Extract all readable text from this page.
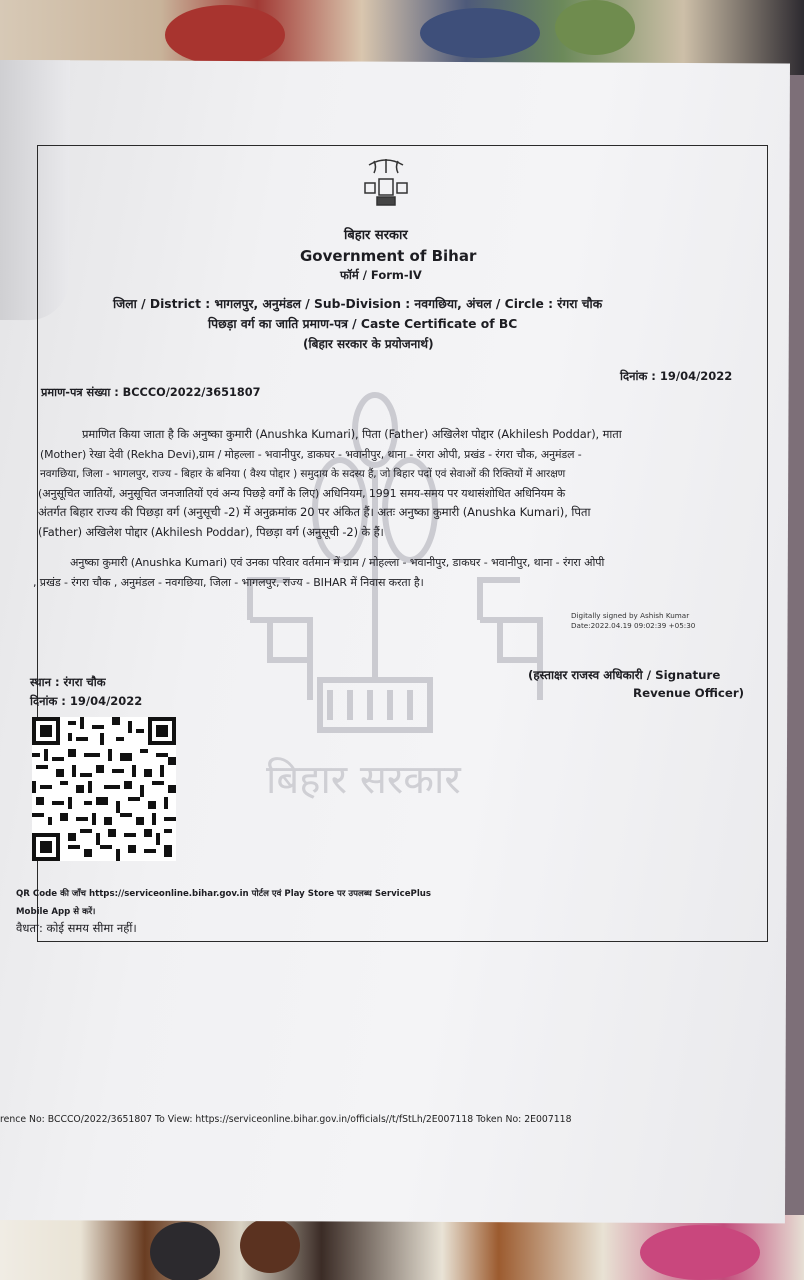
बिहार सरकार
बिहार सरकार
Government of Bihar
फॉर्म / Form-IV
जिला / District : भागलपुर, अनुमंडल / Sub-Division : नवगछिया, अंचल / Circle : रंगरा चौक
पिछड़ा वर्ग का जाति प्रमाण-पत्र / Caste Certificate of BC
(बिहार सरकार के प्रयोजनार्थ)
दिनांक : 19/04/2022
प्रमाण-पत्र संख्या : BCCCO/2022/3651807
प्रमाणित किया जाता है कि अनुष्का कुमारी (Anushka Kumari), पिता (Father) अखिलेश पोद्दार (Akhilesh Poddar), माता
(Mother) रेखा देवी (Rekha Devi),ग्राम / मोहल्ला - भवानीपुर, डाकघर - भवानीपुर, थाना - रंगरा ओपी, प्रखंड - रंगरा चौक, अनुमंडल -
नवगछिया, जिला - भागलपुर, राज्य - बिहार के बनिया ( वैश्य पोद्दार ) समुदाय के सदस्य हैं, जो बिहार पदों एवं सेवाओं की रिक्तियों में आरक्षण
(अनुसूचित जातियों, अनुसूचित जनजातियों एवं अन्य पिछड़े वर्गों के लिए) अधिनियम, 1991 समय-समय पर यथासंशोधित अधिनियम के
अंतर्गत बिहार राज्य की पिछड़ा वर्ग (अनुसूची -2) में अनुक्रमांक 20 पर अंकित हैं। अतः अनुष्का कुमारी (Anushka Kumari), पिता
(Father) अखिलेश पोद्दार (Akhilesh Poddar), पिछड़ा वर्ग (अनुसूची -2) के हैं।
अनुष्का कुमारी (Anushka Kumari) एवं उनका परिवार वर्तमान में ग्राम / मोहल्ला - भवानीपुर, डाकघर - भवानीपुर, थाना - रंगरा ओपी
, प्रखंड - रंगरा चौक , अनुमंडल - नवगछिया, जिला - भागलपुर, राज्य - BIHAR में निवास करता है।
Digitally signed by Ashish Kumar
Date:2022.04.19 09:02:39 +05:30
(हस्ताक्षर राजस्व अधिकारी / Signature
Revenue Officer)
स्थान : रंगरा चौक
दिनांक : 19/04/2022
QR Code की जाँच https://serviceonline.bihar.gov.in पोर्टल एवं Play Store पर उपलब्ध ServicePlus
Mobile App से करें।
वैधता: कोई समय सीमा नहीं।
rence No: BCCCO/2022/3651807 To View: https://serviceonline.bihar.gov.in/officials//t/fStLh/2E007118 Token No: 2E007118
